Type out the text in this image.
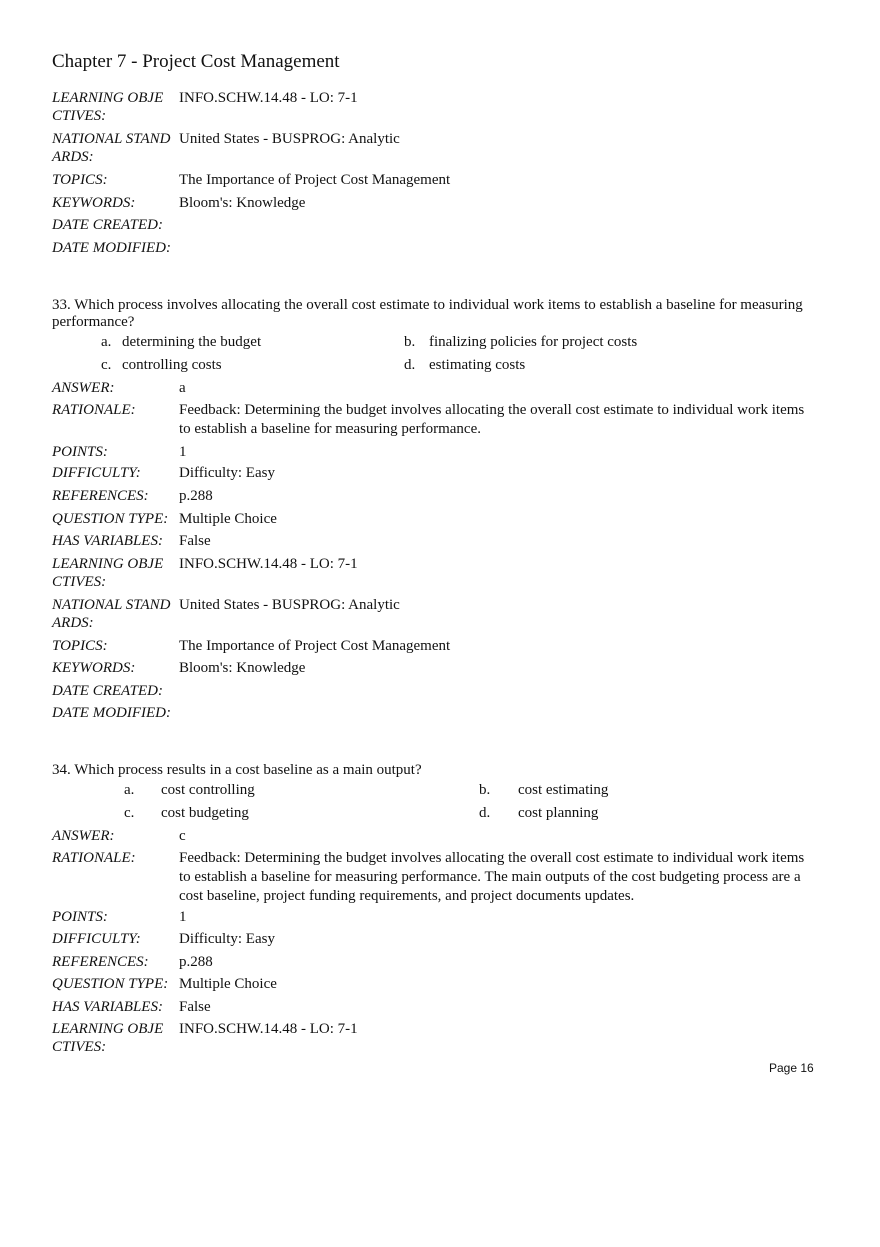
Chapter 7 - Project Cost Management
LEARNING OBJE
CTIVES:
INFO.SCHW.14.48 - LO: 7-1
NATIONAL STAND
ARDS:
United States - BUSPROG: Analytic
TOPICS:	The Importance of Project Cost Management
KEYWORDS:	Bloom's: Knowledge
DATE CREATED:
DATE MODIFIED:
33. Which process involves allocating the overall cost estimate to individual work items to establish a baseline for measuring performance?
a. determining the budget	b. finalizing policies for project costs
c. controlling costs	d. estimating costs
ANSWER:	a
RATIONALE:	Feedback: Determining the budget involves allocating the overall cost estimate to individual work items to establish a baseline for measuring performance.
POINTS:	1
DIFFICULTY:	Difficulty: Easy
REFERENCES: p.288
QUESTION TYPE: Multiple Choice
HAS VARIABLES: False
LEARNING OBJE
CTIVES:
INFO.SCHW.14.48 - LO: 7-1
NATIONAL STAND
ARDS:
United States - BUSPROG: Analytic
TOPICS:	The Importance of Project Cost Management
KEYWORDS:	Bloom's: Knowledge
DATE CREATED:
DATE MODIFIED:
34. Which process results in a cost baseline as a main output?
a. cost controlling	b. cost estimating
c. cost budgeting	d. cost planning
ANSWER:	c
RATIONALE:	Feedback: Determining the budget involves allocating the overall cost estimate to individual work items to establish a baseline for measuring performance. The main outputs of the cost budgeting process are a cost baseline, project funding requirements, and project documents updates.
POINTS:	1
DIFFICULTY:	Difficulty: Easy
REFERENCES: p.288
QUESTION TYPE: Multiple Choice
HAS VARIABLES: False
LEARNING OBJE
CTIVES:
INFO.SCHW.14.48 - LO: 7-1
Page 16
